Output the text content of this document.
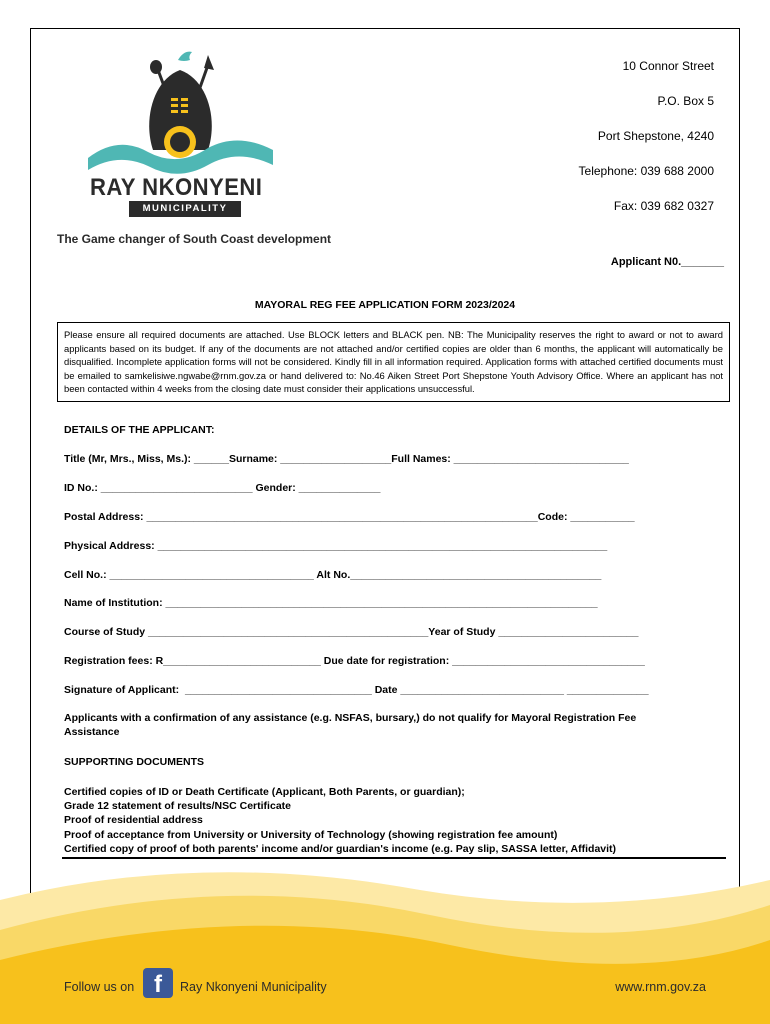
RAY NKONYENI
MUNICIPALITY
The Game changer of South Coast development
10 Connor Street
P.O. Box 5
Port Shepstone, 4240
Telephone: 039 688 2000
Fax: 039 682 0327
Applicant N0._______
MAYORAL REG FEE APPLICATION FORM 2023/2024
Please ensure all required documents are attached. Use BLOCK letters and BLACK pen. NB: The Municipality reserves the right to award or not to award applicants based on its budget. If any of the documents are not attached and/or certified copies are older than 6 months, the applicant will automatically be disqualified. Incomplete application forms will not be considered. Kindly fill in all information required. Application forms with attached certified documents must be emailed to samkelisiwe.ngwabe@rnm.gov.za or hand delivered to: No.46 Aiken Street Port Shepstone Youth Advisory Office. Where an applicant has not been contacted within 4 weeks from the closing date must consider their applications unsuccessful.
DETAILS OF THE APPLICANT:
Title (Mr, Mrs., Miss, Ms.): ______Surname: ___________________Full Names: ______________________________
ID No.: __________________________ Gender: ______________
Postal Address: ___________________________________________________________________Code: ___________
Physical Address: _____________________________________________________________________________
Cell No.: ___________________________________ Alt No.___________________________________________
Name of Institution: __________________________________________________________________________
Course of Study ________________________________________________Year of Study ________________________
Registration fees: R___________________________ Due date for registration: _________________________________
Signature of Applicant:  ________________________________ Date ____________________________ ______________
Applicants with a confirmation of any assistance (e.g. NSFAS, bursary,) do not qualify for Mayoral Registration Fee
Assistance
SUPPORTING DOCUMENTS
Certified copies of ID or Death Certificate (Applicant, Both Parents, or guardian);
Grade 12 statement of results/NSC Certificate
Proof of residential address
Proof of acceptance from University or University of Technology (showing registration fee amount)
Certified copy of proof of both parents' income and/or guardian's income (e.g. Pay slip, SASSA letter, Affidavit)
Follow us on f	Ray Nkonyeni Municipality	www.rnm.gov.za
